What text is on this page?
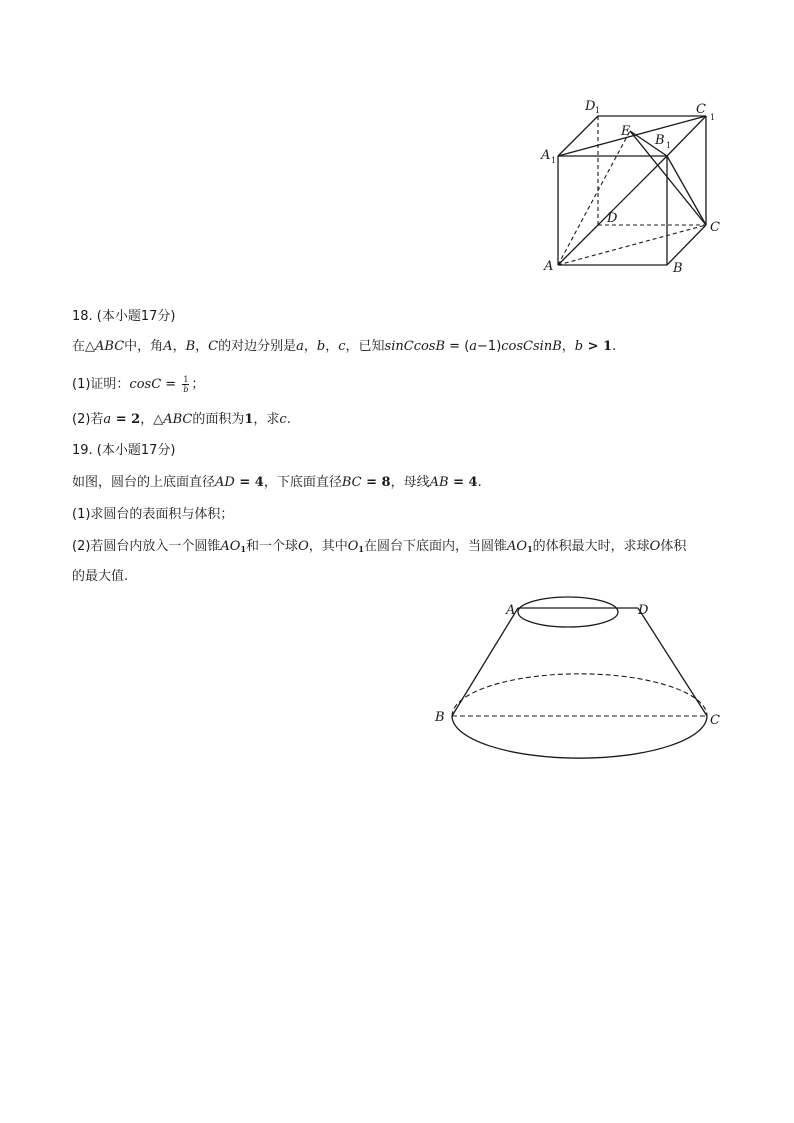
D 1	C
1
E
B 1
A 1
D
C
A	B
18. (本小题17分)
在△ABC中，角A，B，C的对边分别是a，b，c，已知sinCcosB = (a−1)cosCsinB，b > 1.
(1)证明：$\cos C = \frac{1}{b}$ ；
(2)若a = 2，△ABC的面积为1，求c.
19. (本小题17分)
如图，圆台的上底面直径AD = 4，下底面直径BC = 8，母线AB = 4.
(1)求圆台的表面积与体积；
(2)若圆台内放入一个圆锥$AO_1$和一个球O，其中$O_1$在圆台下底面内，当圆锥$AO_1$的体积最大时，求球O体积
的最大值.
A	D
B	C
